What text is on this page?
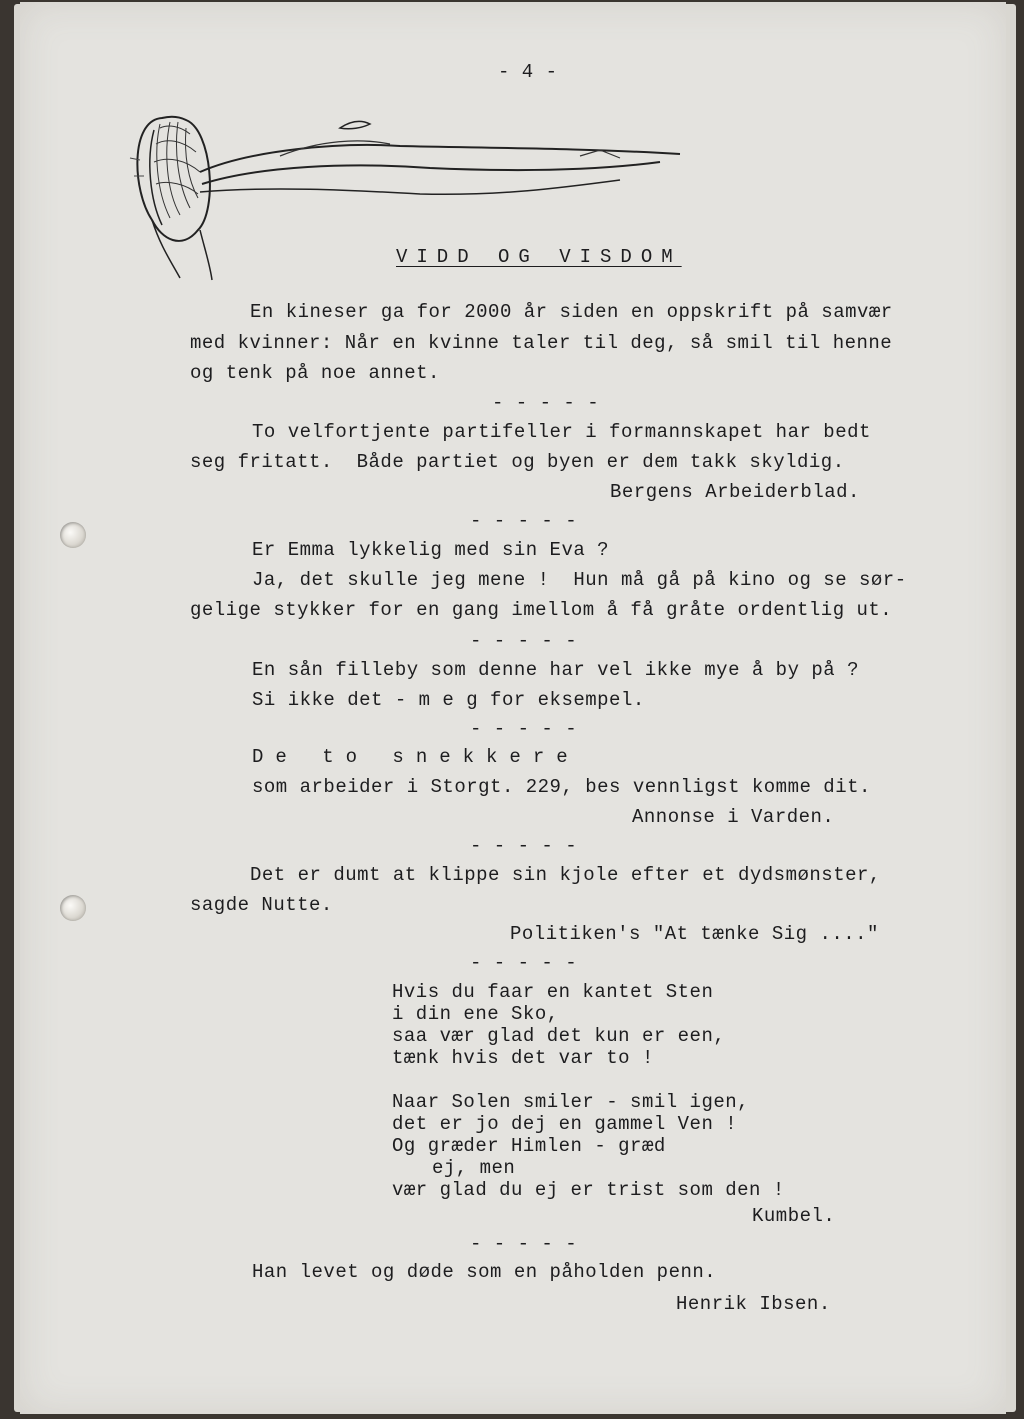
- 4 -
VIDD OG VISDOM
En kineser ga for 2000 år siden en oppskrift på samvær
med kvinner: Når en kvinne taler til deg, så smil til henne
og tenk på noe annet.
- - - - -
To velfortjente partifeller i formannskapet har bedt
seg fritatt.  Både partiet og byen er dem takk skyldig.
Bergens Arbeiderblad.
- - - - -
Er Emma lykkelig med sin Eva ?
Ja, det skulle jeg mene !  Hun må gå på kino og se sør-
gelige stykker for en gang imellom å få gråte ordentlig ut.
- - - - -
En sån filleby som denne har vel ikke mye å by på ?
Si ikke det - m e g for eksempel.
- - - - -
De to snekkere
som arbeider i Storgt. 229, bes vennligst komme dit.
Annonse i Varden.
- - - - -
Det er dumt at klippe sin kjole efter et dydsmønster,
sagde Nutte.
Politiken's "At tænke Sig ...."
- - - - -
Hvis du faar en kantet Sten
i din ene Sko,
saa vær glad det kun er een,
tænk hvis det var to !
Naar Solen smiler - smil igen,
det er jo dej en gammel Ven !
Og græder Himlen - græd
ej, men
vær glad du ej er trist som den !
Kumbel.
- - - - -
Han levet og døde som en påholden penn.
Henrik Ibsen.
